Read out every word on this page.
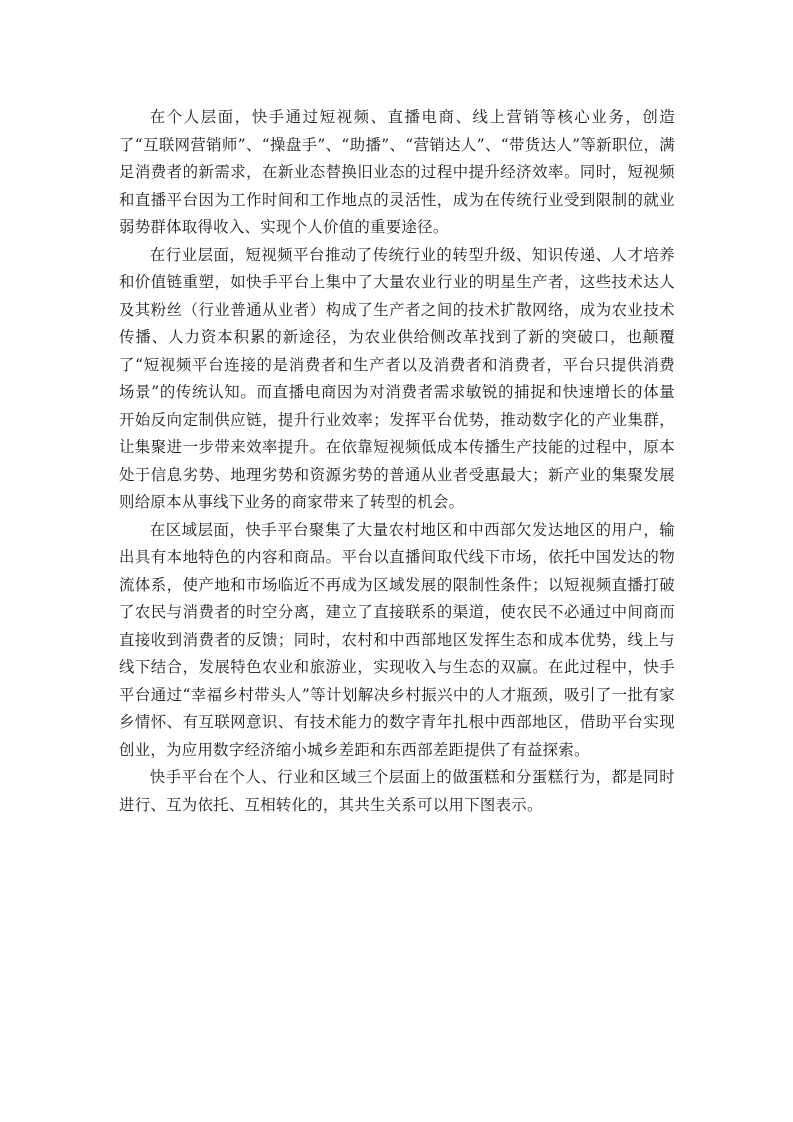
在个人层面，快手通过短视频、直播电商、线上营销等核心业务，创造了“互联网营销师”、“操盘手”、“助播”、“营销达人”、“带货达人”等新职位，满足消费者的新需求，在新业态替换旧业态的过程中提升经济效率。同时，短视频和直播平台因为工作时间和工作地点的灵活性，成为在传统行业受到限制的就业弱势群体取得收入、实现个人价值的重要途径。

在行业层面，短视频平台推动了传统行业的转型升级、知识传递、人才培养和价值链重塑，如快手平台上集中了大量农业行业的明星生产者，这些技术达人及其粉丝（行业普通从业者）构成了生产者之间的技术扩散网络，成为农业技术传播、人力资本积累的新途径，为农业供给侧改革找到了新的突破口，也颠覆了“短视频平台连接的是消费者和生产者以及消费者和消费者，平台只提供消费场景”的传统认知。而直播电商因为对消费者需求敏锐的捕捉和快速增长的体量开始反向定制供应链，提升行业效率；发挥平台优势，推动数字化的产业集群，让集聚进一步带来效率提升。在依靠短视频低成本传播生产技能的过程中，原本处于信息劣势、地理劣势和资源劣势的普通从业者受惠最大；新产业的集聚发展则给原本从事线下业务的商家带来了转型的机会。

在区域层面，快手平台聚集了大量农村地区和中西部欠发达地区的用户，输出具有本地特色的内容和商品。平台以直播间取代线下市场，依托中国发达的物流体系，使产地和市场临近不再成为区域发展的限制性条件；以短视频直播打破了农民与消费者的时空分离，建立了直接联系的渠道，使农民不必通过中间商而直接收到消费者的反馈；同时，农村和中西部地区发挥生态和成本优势，线上与线下结合，发展特色农业和旅游业，实现收入与生态的双赢。在此过程中，快手平台通过“幸福乡村带头人”等计划解决乡村振兴中的人才瓶颈，吸引了一批有家乡情怀、有互联网意识、有技术能力的数字青年扎根中西部地区，借助平台实现创业，为应用数字经济缩小城乡差距和东西部差距提供了有益探索。

快手平台在个人、行业和区域三个层面上的做蛋糕和分蛋糕行为，都是同时进行、互为依托、互相转化的，其共生关系可以用下图表示。
